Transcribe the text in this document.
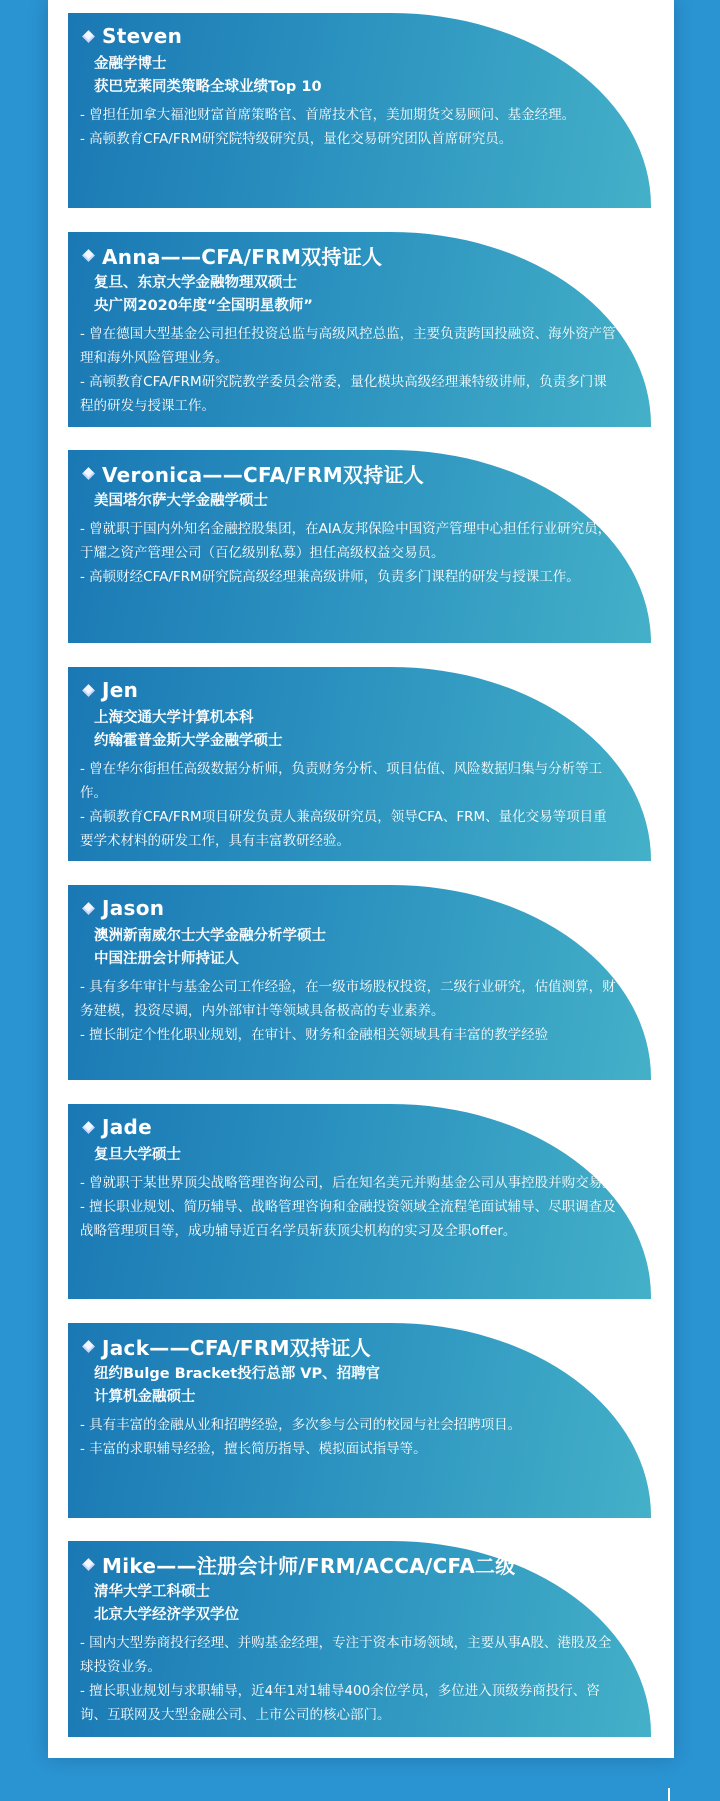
Steven
金融学博士
获巴克莱同类策略全球业绩Top 10
- 曾担任加拿大福池财富首席策略官、首席技术官，美加期货交易顾问、基金经理。
- 高顿教育CFA/FRM研究院特级研究员，量化交易研究团队首席研究员。
Anna——CFA/FRM双持证人
复旦、东京大学金融物理双硕士
央广网2020年度“全国明星教师”
- 曾在德国大型基金公司担任投资总监与高级风控总监，主要负责跨国投融资、海外资产管理和海外风险管理业务。
- 高顿教育CFA/FRM研究院教学委员会常委，量化模块高级经理兼特级讲师，负责多门课程的研发与授课工作。
Veronica——CFA/FRM双持证人
美国塔尔萨大学金融学硕士
- 曾就职于国内外知名金融控股集团，在AIA友邦保险中国资产管理中心担任行业研究员，于耀之资产管理公司（百亿级别私募）担任高级权益交易员。
- 高顿财经CFA/FRM研究院高级经理兼高级讲师，负责多门课程的研发与授课工作。
Jen
上海交通大学计算机本科
约翰霍普金斯大学金融学硕士
- 曾在华尔街担任高级数据分析师，负责财务分析、项目估值、风险数据归集与分析等工作。
- 高顿教育CFA/FRM项目研发负责人兼高级研究员，领导CFA、FRM、量化交易等项目重要学术材料的研发工作，具有丰富教研经验。
Jason
澳洲新南威尔士大学金融分析学硕士
中国注册会计师持证人
- 具有多年审计与基金公司工作经验，在一级市场股权投资，二级行业研究，估值测算，财务建模，投资尽调，内外部审计等领域具备极高的专业素养。
- 擅长制定个性化职业规划，在审计、财务和金融相关领域具有丰富的教学经验
Jade
复旦大学硕士
- 曾就职于某世界顶尖战略管理咨询公司，后在知名美元并购基金公司从事控股并购交易。
- 擅长职业规划、简历辅导、战略管理咨询和金融投资领域全流程笔面试辅导、尽职调查及战略管理项目等，成功辅导近百名学员斩获顶尖机构的实习及全职offer。
Jack——CFA/FRM双持证人
纽约Bulge Bracket投行总部 VP、招聘官
计算机金融硕士
- 具有丰富的金融从业和招聘经验，多次参与公司的校园与社会招聘项目。
- 丰富的求职辅导经验，擅长简历指导、模拟面试指导等。
Mike——注册会计师/FRM/ACCA/CFA二级
清华大学工科硕士
北京大学经济学双学位
- 国内大型券商投行经理、并购基金经理，专注于资本市场领域，主要从事A股、港股及全球投资业务。
- 擅长职业规划与求职辅导，近4年1对1辅导400余位学员，多位进入顶级券商投行、咨询、互联网及大型金融公司、上市公司的核心部门。
